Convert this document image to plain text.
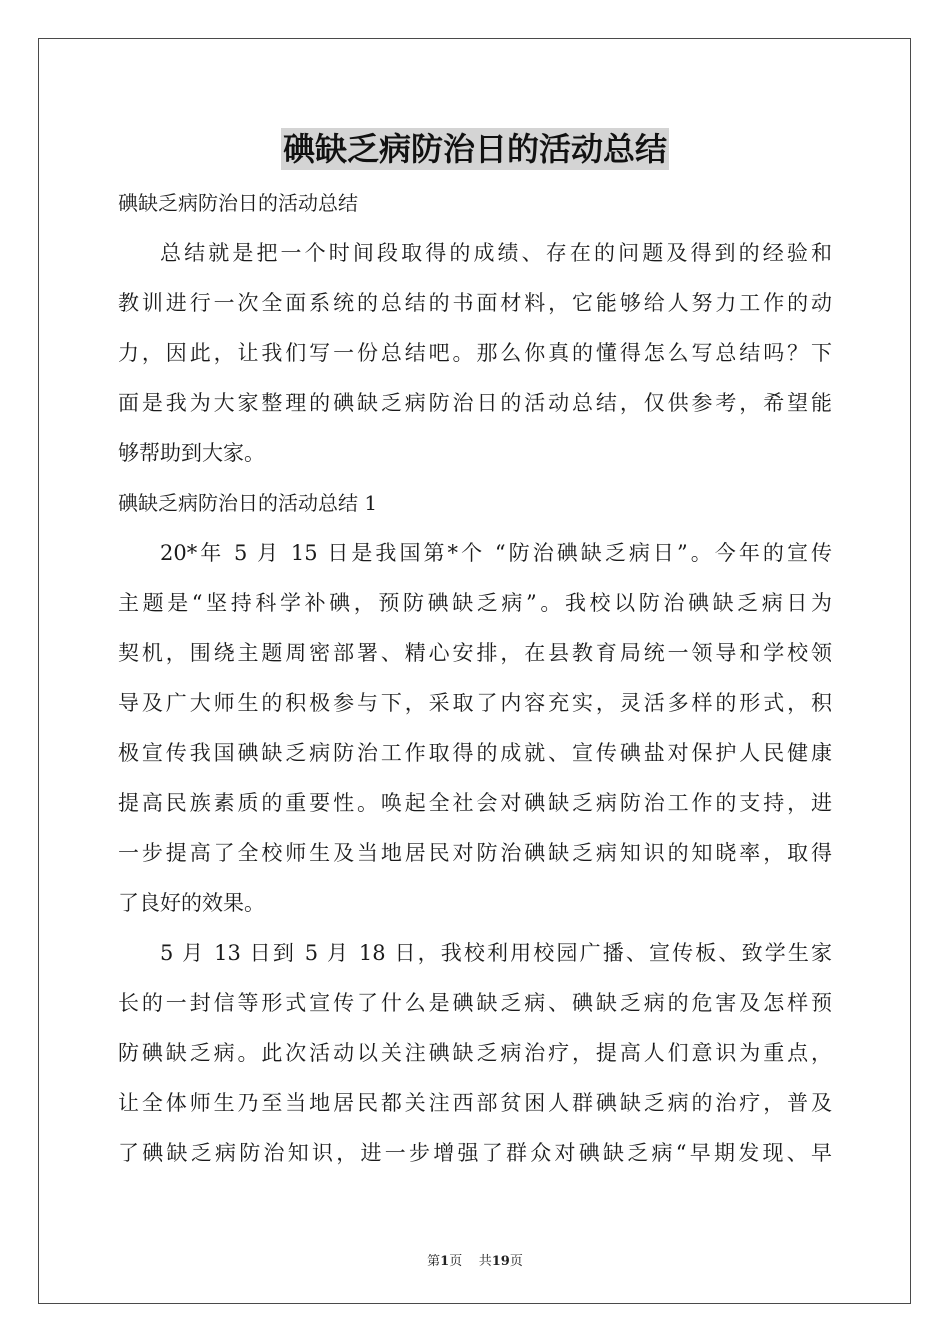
碘缺乏病防治日的活动总结
碘缺乏病防治日的活动总结
总结就是把一个时间段取得的成绩、存在的问题及得到的经验和
教训进行一次全面系统的总结的书面材料，它能够给人努力工作的动
力，因此，让我们写一份总结吧。那么你真的懂得怎么写总结吗？下
面是我为大家整理的碘缺乏病防治日的活动总结，仅供参考，希望能
够帮助到大家。
碘缺乏病防治日的活动总结 1
20*年 5 月 15 日是我国第*个 “防治碘缺乏病日”。今年的宣传
主题是“坚持科学补碘，预防碘缺乏病”。我校以防治碘缺乏病日为
契机，围绕主题周密部署、精心安排，在县教育局统一领导和学校领
导及广大师生的积极参与下，采取了内容充实，灵活多样的形式，积
极宣传我国碘缺乏病防治工作取得的成就、宣传碘盐对保护人民健康
提高民族素质的重要性。唤起全社会对碘缺乏病防治工作的支持，进
一步提高了全校师生及当地居民对防治碘缺乏病知识的知晓率，取得
了良好的效果。
5 月 13 日到 5 月 18 日，我校利用校园广播、宣传板、致学生家
长的一封信等形式宣传了什么是碘缺乏病、碘缺乏病的危害及怎样预
防碘缺乏病。此次活动以关注碘缺乏病治疗，提高人们意识为重点，
让全体师生乃至当地居民都关注西部贫困人群碘缺乏病的治疗，普及
了碘缺乏病防治知识，进一步增强了群众对碘缺乏病“早期发现、早
第1页 共19页
